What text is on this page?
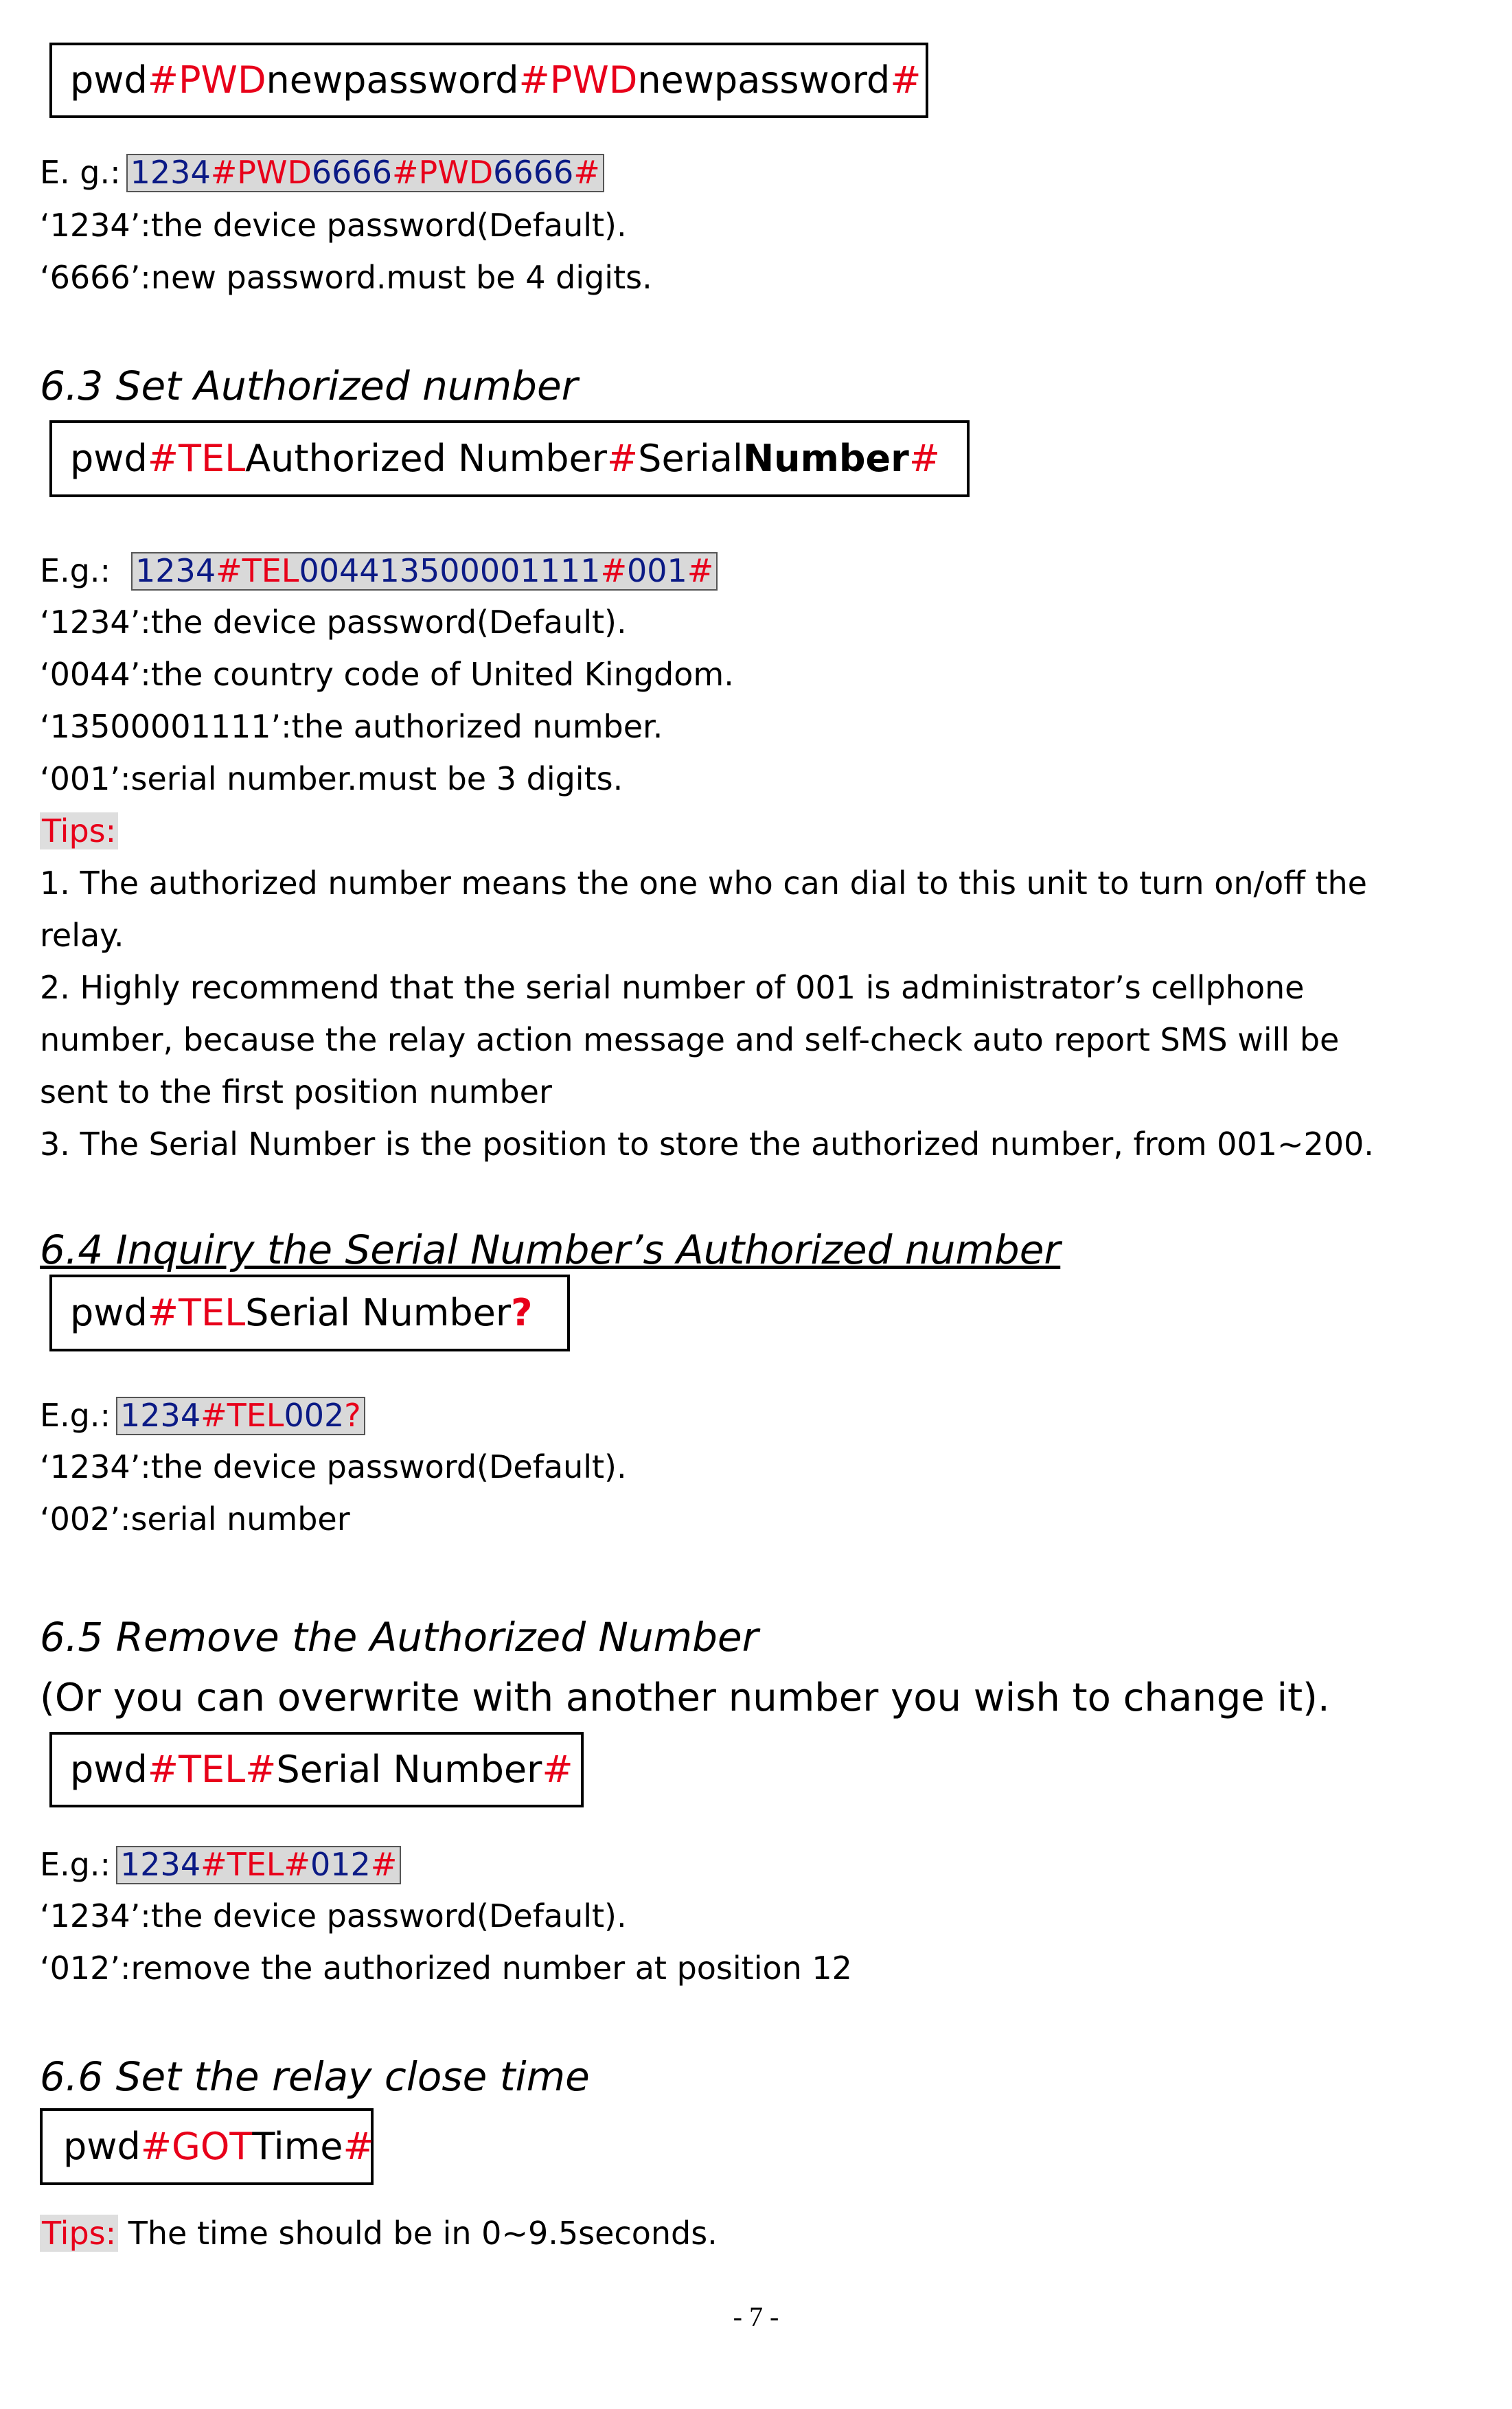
pwd # PWD newpassword # PWD newpassword #
E. g.: 1234#PWD6666#PWD6666#
‘1234’:the device password(Default).
‘6666’:new password.must be 4 digits.
6.3 Set Authorized number
pwd #TEL Authorized Number # Serial Number #
E.g.: 1234#TEL004413500001111#001#
‘1234’:the device password(Default).
‘0044’:the country code of United Kingdom.
‘13500001111’:the authorized number.
‘001’:serial number.must be 3 digits.
Tips:
1. The authorized number means the one who can dial to this unit to turn on/off the
relay.
2. Highly recommend that the serial number of 001 is administrator’s cellphone
number, because the relay action message and self-check auto report SMS will be
sent to the first position number
3. The Serial Number is the position to store the authorized number, from 001~200.
6.4 Inquiry the Serial Number’s Authorized number
pwd #TEL Serial Number ?
E.g.: 1234#TEL002?
‘1234’:the device password(Default).
‘002’:serial number
6.5 Remove the Authorized Number
(Or you can overwrite with another number you wish to change it).
pwd #TEL# Serial Number #
E.g.: 1234#TEL#012#
‘1234’:the device password(Default).
‘012’:remove the authorized number at position 12
6.6 Set the relay close time
pwd #GOT Time #
Tips: The time should be in 0~9.5seconds.
- 7 -
